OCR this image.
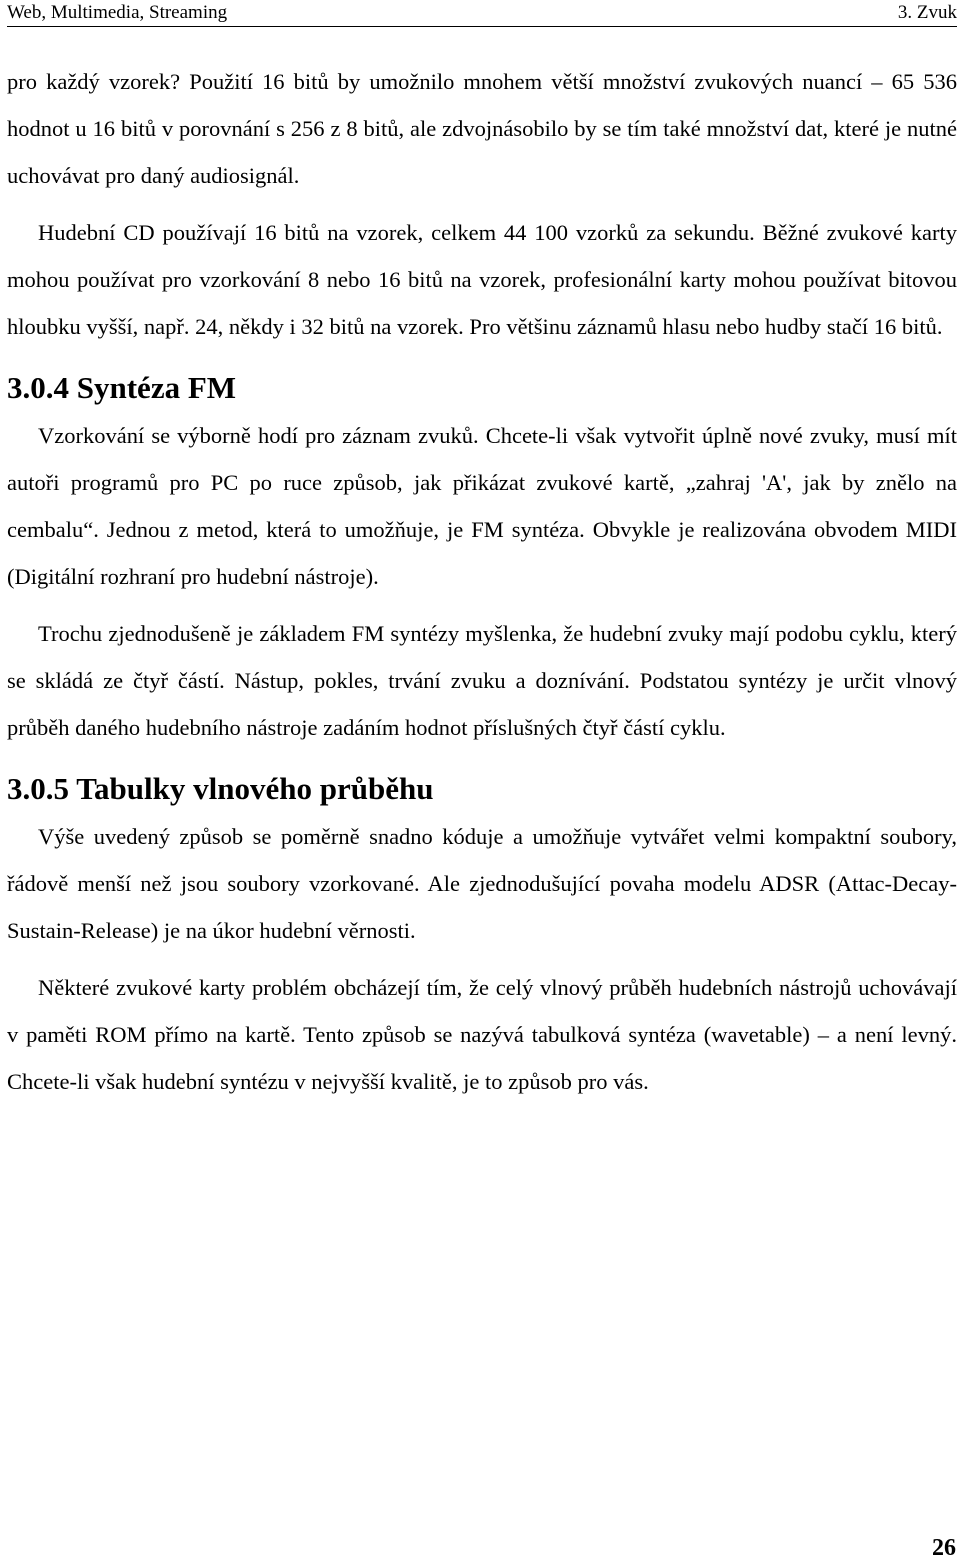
Web, Multimedia, Streaming	3. Zvuk

pro každý vzorek? Použití 16 bitů by umožnilo mnohem větší množství zvukových nuancí – 65 536 hodnot u 16 bitů v porovnání s 256 z 8 bitů, ale zdvojnásobilo by se tím také množství dat, které je nutné uchovávat pro daný audiosignál.

Hudební CD používají 16 bitů na vzorek, celkem 44 100 vzorků za sekundu. Běžné zvukové karty mohou používat pro vzorkování 8 nebo 16 bitů na vzorek, profesionální karty mohou používat bitovou hloubku vyšší, např. 24, někdy i 32 bitů na vzorek. Pro většinu záznamů hlasu nebo hudby stačí 16 bitů.

3.0.4 Syntéza FM

Vzorkování se výborně hodí pro záznam zvuků. Chcete-li však vytvořit úplně nové zvuky, musí mít autoři programů pro PC po ruce způsob, jak přikázat zvukové kartě, „zahraj 'A', jak by znělo na cembalu“. Jednou z metod, která to umožňuje, je FM syntéza. Obvykle je realizována obvodem MIDI (Digitální rozhraní pro hudební nástroje).

Trochu zjednodušeně je základem FM syntézy myšlenka, že hudební zvuky mají podobu cyklu, který se skládá ze čtyř částí. Nástup, pokles, trvání zvuku a doznívání. Podstatou syntézy je určit vlnový průběh daného hudebního nástroje zadáním hodnot příslušných čtyř částí cyklu.

3.0.5 Tabulky vlnového průběhu

Výše uvedený způsob se poměrně snadno kóduje a umožňuje vytvářet velmi kompaktní soubory, řádově menší než jsou soubory vzorkované. Ale zjednodušující povaha modelu ADSR (Attac-Decay-Sustain-Release) je na úkor hudební věrnosti.

Některé zvukové karty problém obcházejí tím, že celý vlnový průběh hudebních nástrojů uchovávají v paměti ROM přímo na kartě. Tento způsob se nazývá tabulková syntéza (wavetable) – a není levný. Chcete-li však hudební syntézu v nejvyšší kvalitě, je to způsob pro vás.

26
